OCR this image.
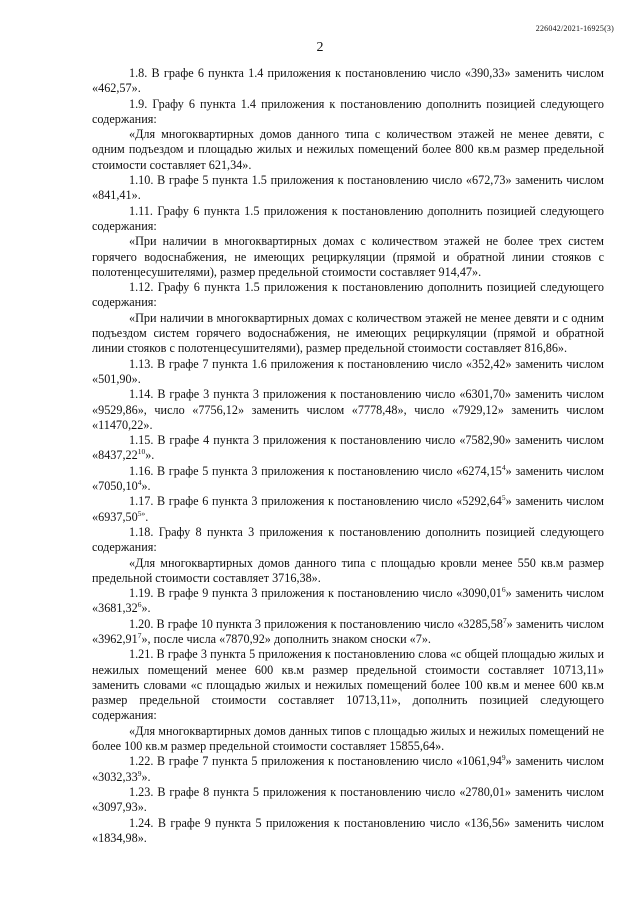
226042/2021-16925(3)
2

1.8. В графе 6 пункта 1.4 приложения к постановлению число «390,33» заменить числом «462,57».

1.9. Графу 6 пункта 1.4 приложения к постановлению дополнить позицией следующего содержания:

«Для многоквартирных домов данного типа с количеством этажей не менее девяти, с одним подъездом и площадью жилых и нежилых помещений более 800 кв.м размер предельной стоимости составляет 621,34».

1.10. В графе 5 пункта 1.5 приложения к постановлению число «672,73» заменить числом «841,41».

1.11. Графу 6 пункта 1.5 приложения к постановлению дополнить позицией следующего содержания:

«При наличии в многоквартирных домах с количеством этажей не более трех систем горячего водоснабжения, не имеющих рециркуляции (прямой и обратной линии стояков с полотенцесушителями), размер предельной стоимости составляет 914,47».

1.12. Графу 6 пункта 1.5 приложения к постановлению дополнить позицией следующего содержания:

«При наличии в многоквартирных домах с количеством этажей не менее девяти и с одним подъездом систем горячего водоснабжения, не имеющих рециркуляции (прямой и обратной линии стояков с полотенцесушителями), размер предельной стоимости составляет 816,86».

1.13. В графе 7 пункта 1.6 приложения к постановлению число «352,42» заменить числом «501,90».

1.14. В графе 3 пункта 3 приложения к постановлению число «6301,70» заменить числом «9529,86», число «7756,12» заменить числом «7778,48», число «7929,12» заменить числом «11470,22».

1.15. В графе 4 пункта 3 приложения к постановлению число «7582,90» заменить числом «8437,22$^{10}$».

1.16. В графе 5 пункта 3 приложения к постановлению число «6274,15$^4$» заменить числом «7050,10$^4$».

1.17. В графе 6 пункта 3 приложения к постановлению число «5292,64$^5$» заменить числом «$6937,50^{5»}$.

1.18. Графу 8 пункта 3 приложения к постановлению дополнить позицией следующего содержания:

«Для многоквартирных домов данного типа с площадью кровли менее 550 кв.м размер предельной стоимости составляет 3716,38».

1.19. В графе 9 пункта 3 приложения к постановлению число «3090,01$^6$» заменить числом «3681,32$^6$».

1.20. В графе 10 пункта 3 приложения к постановлению число «3285,58$^7$» заменить числом «3962,91$^7$», после числа «7870,92» дополнить знаком сноски «7».

1.21. В графе 3 пункта 5 приложения к постановлению слова «с общей площадью жилых и нежилых помещений менее 600 кв.м размер предельной стоимости составляет 10713,11» заменить словами «с площадью жилых и нежилых помещений более 100 кв.м и менее 600 кв.м размер предельной стоимости составляет 10713,11», дополнить позицией следующего содержания:

«Для многоквартирных домов данных типов с площадью жилых и нежилых помещений не более 100 кв.м размер предельной стоимости составляет 15855,64».

1.22. В графе 7 пункта 5 приложения к постановлению число «1061,94$^9$» заменить числом «3032,33$^9$».

1.23. В графе 8 пункта 5 приложения к постановлению число «2780,01» заменить числом «3097,93».

1.24. В графе 9 пункта 5 приложения к постановлению число «136,56» заменить числом «1834,98».
